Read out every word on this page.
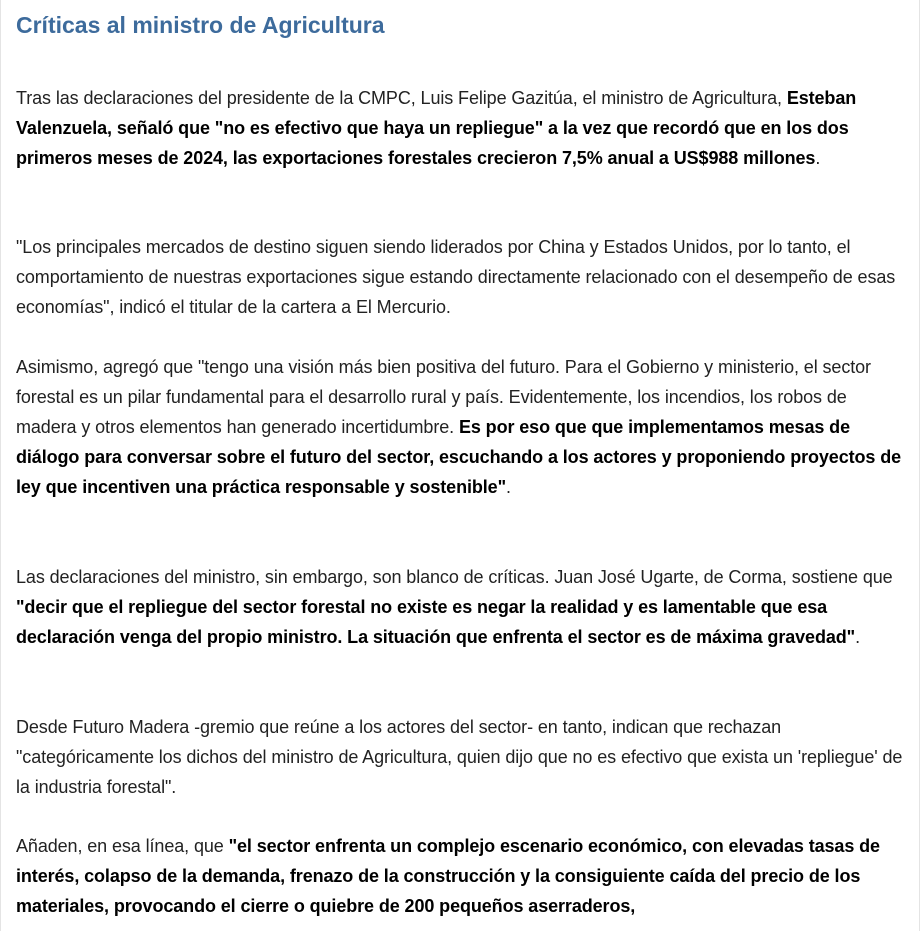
Críticas al ministro de Agricultura

Tras las declaraciones del presidente de la CMPC, Luis Felipe Gazitúa, el ministro de Agricultura, Esteban Valenzuela, señaló que "no es efectivo que haya un repliegue" a la vez que recordó que en los dos primeros meses de 2024, las exportaciones forestales crecieron 7,5% anual a US$988 millones.

"Los principales mercados de destino siguen siendo liderados por China y Estados Unidos, por lo tanto, el comportamiento de nuestras exportaciones sigue estando directamente relacionado con el desempeño de esas economías", indicó el titular de la cartera a El Mercurio.

Asimismo, agregó que "tengo una visión más bien positiva del futuro. Para el Gobierno y ministerio, el sector forestal es un pilar fundamental para el desarrollo rural y país. Evidentemente, los incendios, los robos de madera y otros elementos han generado incertidumbre. Es por eso que que implementamos mesas de diálogo para conversar sobre el futuro del sector, escuchando a los actores y proponiendo proyectos de ley que incentiven una práctica responsable y sostenible".

Las declaraciones del ministro, sin embargo, son blanco de críticas. Juan José Ugarte, de Corma, sostiene que "decir que el repliegue del sector forestal no existe es negar la realidad y es lamentable que esa declaración venga del propio ministro. La situación que enfrenta el sector es de máxima gravedad".

Desde Futuro Madera -gremio que reúne a los actores del sector- en tanto, indican que rechazan "categóricamente los dichos del ministro de Agricultura, quien dijo que no es efectivo que exista un 'repliegue' de la industria forestal".

Añaden, en esa línea, que "el sector enfrenta un complejo escenario económico, con elevadas tasas de interés, colapso de la demanda, frenazo de la construcción y la consiguiente caída del precio de los materiales, provocando el cierre o quiebre de 200 pequeños aserraderos,
